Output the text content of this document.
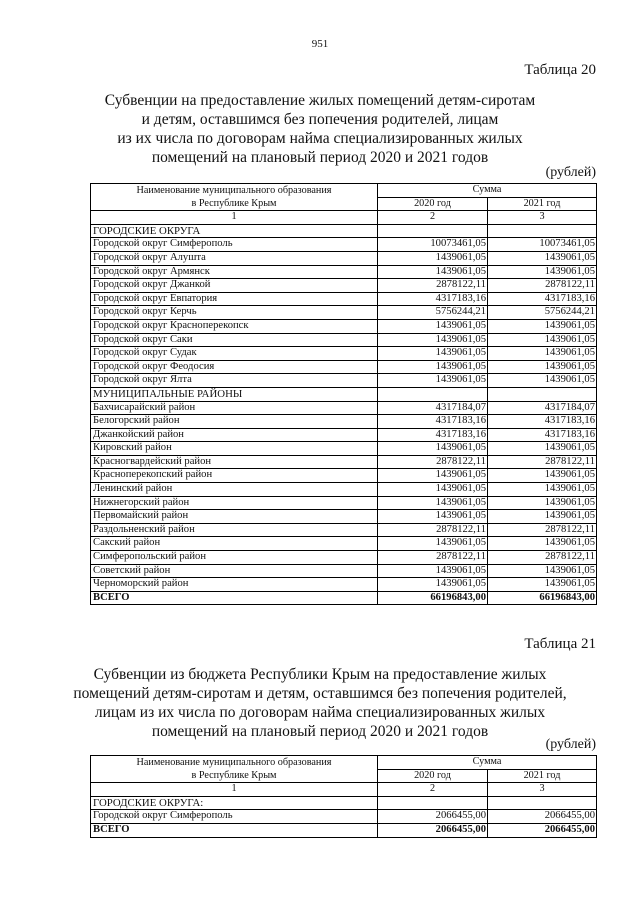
951
Таблица 20
Субвенции на предоставление жилых помещений детям-сиротам
и детям, оставшимся без попечения родителей, лицам
из их числа по договорам найма специализированных жилых
помещений на плановый период 2020 и 2021 годов
(рублей)
Наименование муниципального образования
в Республике Крым	Сумма	
	2020 год	2021 год
1	2	3
ГОРОДСКИЕ ОКРУГА		
Городской округ Симферополь	10073461,05	10073461,05
Городской округ Алушта	1439061,05	1439061,05
Городской округ Армянск	1439061,05	1439061,05
Городской округ Джанкой	2878122,11	2878122,11
Городской округ Евпатория	4317183,16	4317183,16
Городской округ Керчь	5756244,21	5756244,21
Городской округ Красноперекопск	1439061,05	1439061,05
Городской округ Саки	1439061,05	1439061,05
Городской округ Судак	1439061,05	1439061,05
Городской округ Феодосия	1439061,05	1439061,05
Городской округ Ялта	1439061,05	1439061,05
МУНИЦИПАЛЬНЫЕ РАЙОНЫ		
Бахчисарайский район	4317184,07	4317184,07
Белогорский район	4317183,16	4317183,16
Джанкойский район	4317183,16	4317183,16
Кировский район	1439061,05	1439061,05
Красногвардейский район	2878122,11	2878122,11
Красноперекопский район	1439061,05	1439061,05
Ленинский район	1439061,05	1439061,05
Нижнегорский район	1439061,05	1439061,05
Первомайский район	1439061,05	1439061,05
Раздольненский район	2878122,11	2878122,11
Сакский район	1439061,05	1439061,05
Симферопольский район	2878122,11	2878122,11
Советский район	1439061,05	1439061,05
Черноморский район	1439061,05	1439061,05
ВСЕГО	66196843,00	66196843,00
Таблица 21
Субвенции из бюджета Республики Крым на предоставление жилых
помещений детям-сиротам и детям, оставшимся без попечения родителей,
лицам из их числа по договорам найма специализированных жилых
помещений на плановый период 2020 и 2021 годов
(рублей)
Наименование муниципального образования
в Республике Крым	Сумма	
	2020 год	2021 год
1	2	3
ГОРОДСКИЕ ОКРУГА:		
Городской округ Симферополь	2066455,00	2066455,00
ВСЕГО	2066455,00	2066455,00
